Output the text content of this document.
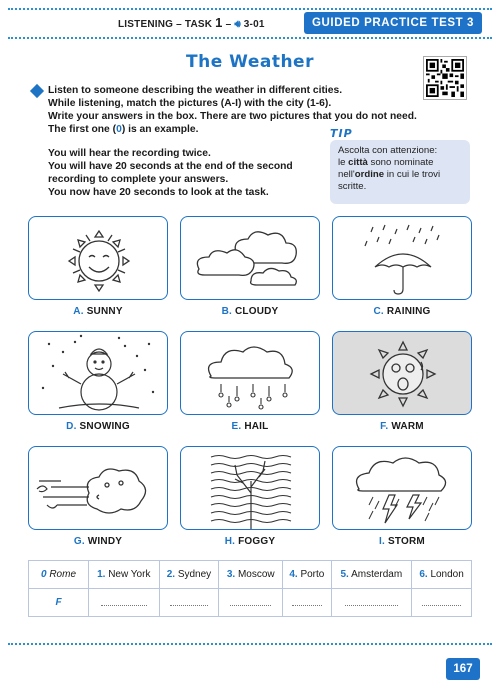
LISTENING – TASK 1 – 🔊︎ 3-01	GUIDED PRACTICE TEST 3
The Weather

Listen to someone describing the weather in different cities.

While listening, match the pictures (A-I) with the city (1-6).

Write your answers in the box. There are two pictures that you do not need.

The first one (0) is an example.

You will hear the recording twice.

You will have 20 seconds at the end of the second

recording to complete your answers.

You now have 20 seconds to look at the task.

TIP
Ascolta con attenzione:
le città sono nominate
nell'ordine in cui le trovi
scritte.
A. SUNNY	B. CLOUDY	C. RAINING
D. SNOWING	E. HAIL	F. WARM
G. WINDY	H. FOGGY	I. STORM
0 Rome	1. New York	2. Sydney	3. Moscow	4. Porto	5. Amsterdam	6. London
F						
167
